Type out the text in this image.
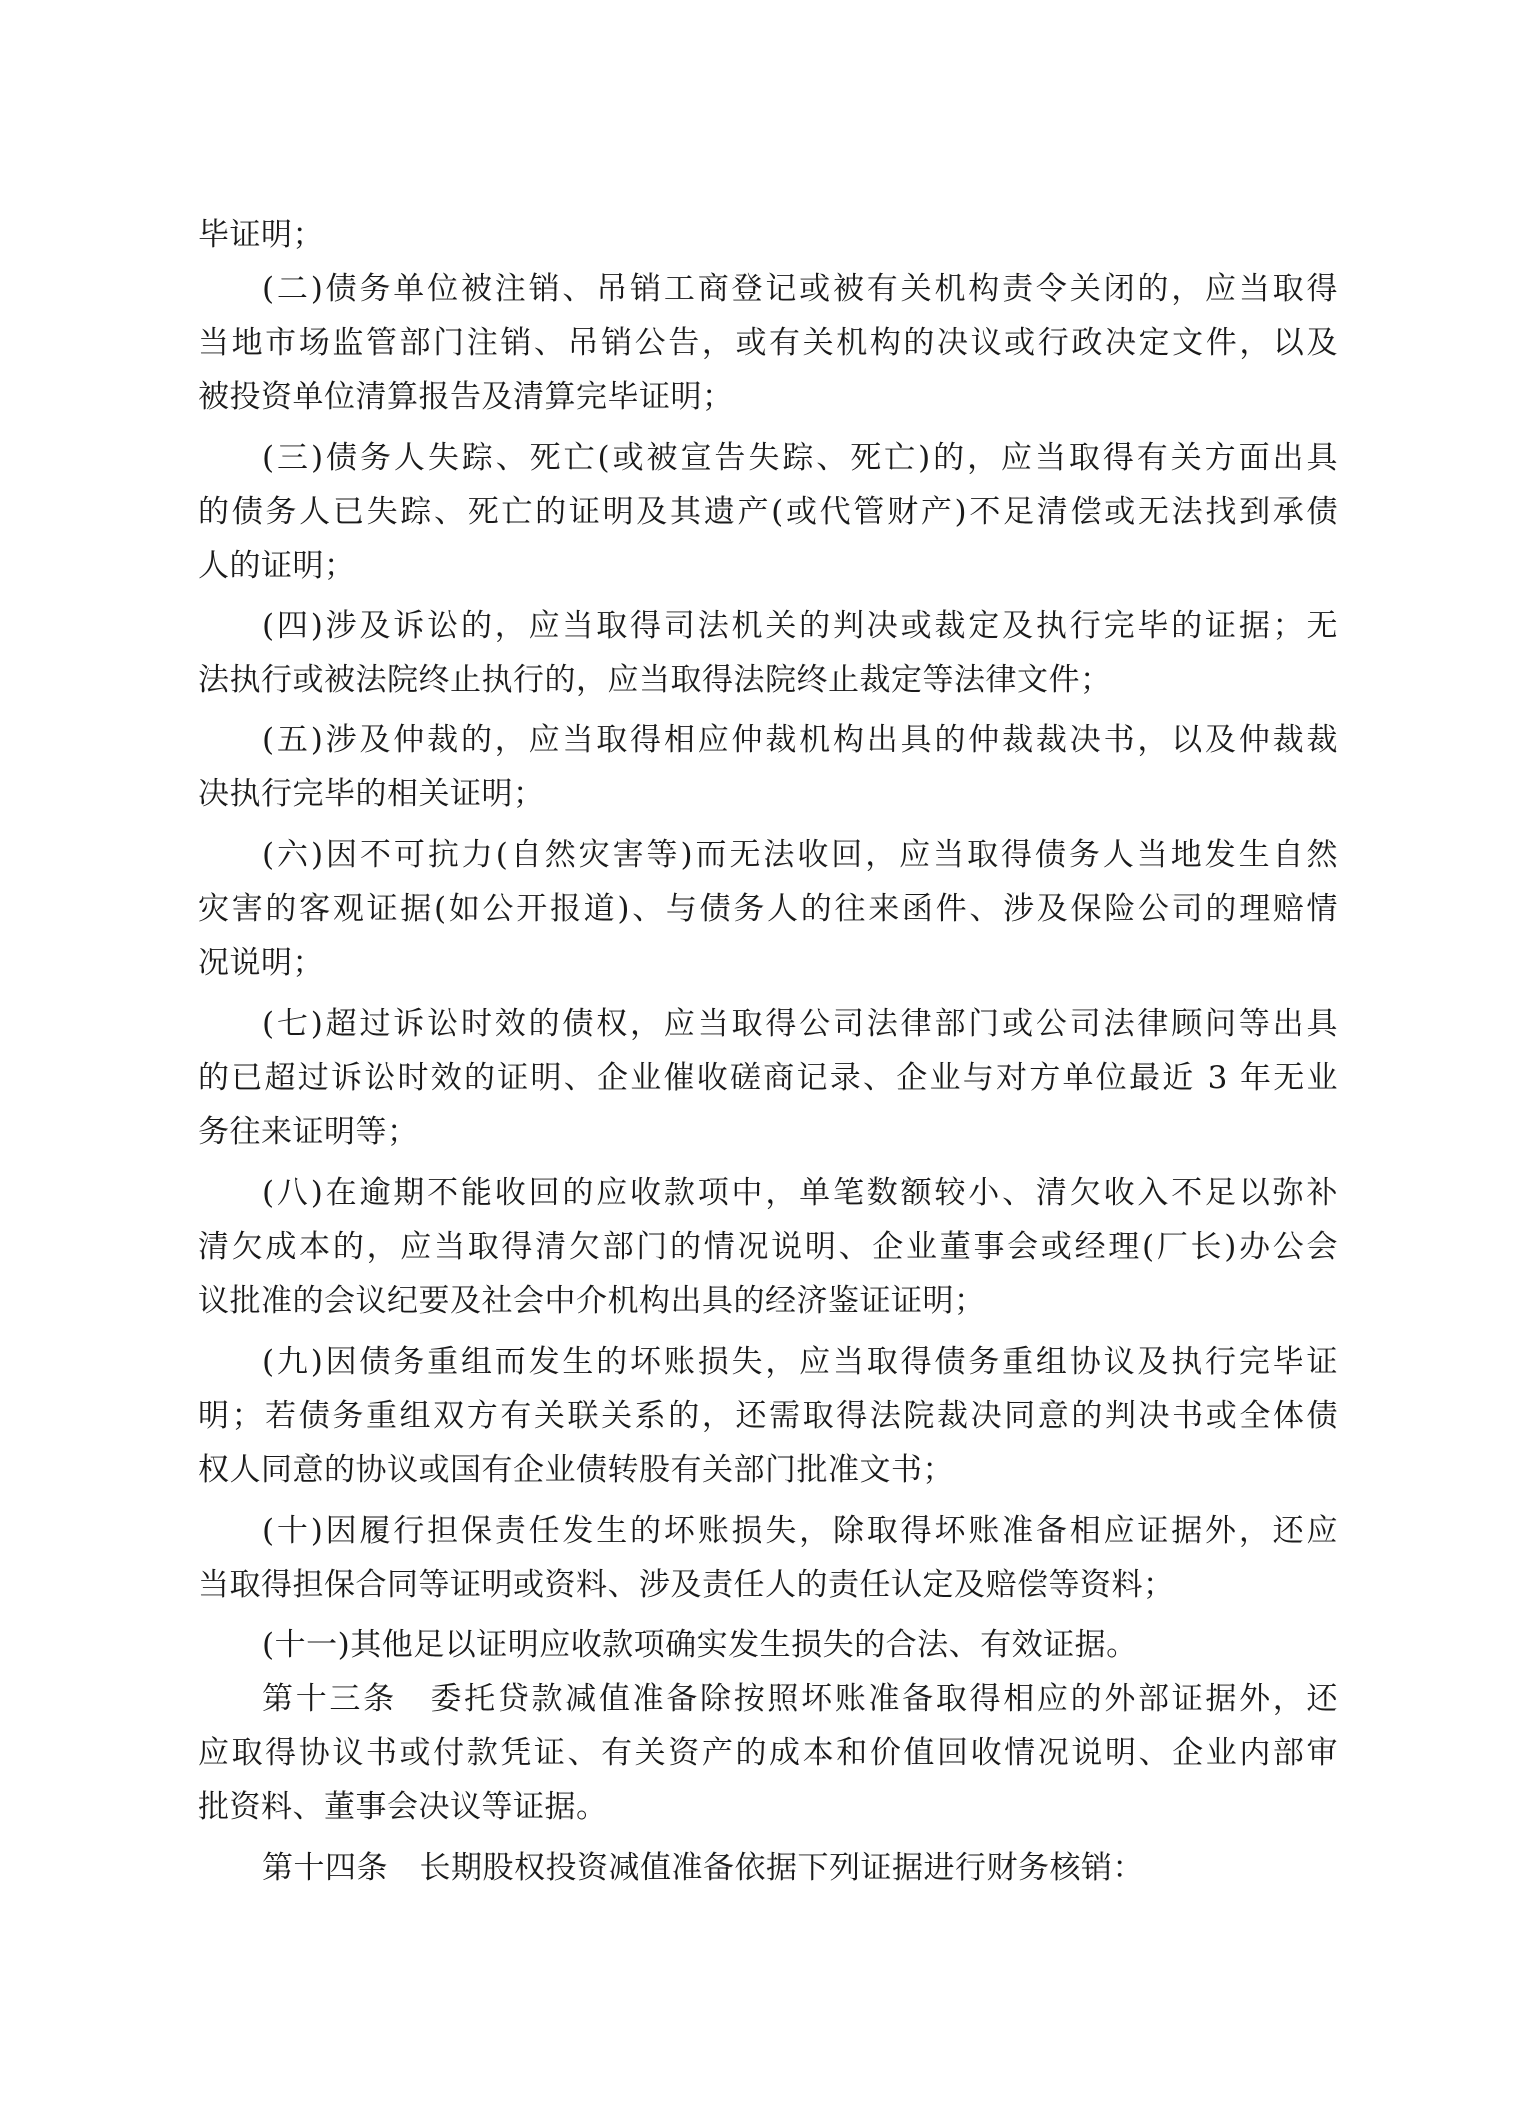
毕证明；
(二)债务单位被注销、吊销工商登记或被有关机构责令关闭的，应当取得
当地市场监管部门注销、吊销公告，或有关机构的决议或行政决定文件，以及
被投资单位清算报告及清算完毕证明；
(三)债务人失踪、死亡(或被宣告失踪、死亡)的，应当取得有关方面出具
的债务人已失踪、死亡的证明及其遗产(或代管财产)不足清偿或无法找到承债
人的证明；
(四)涉及诉讼的，应当取得司法机关的判决或裁定及执行完毕的证据；无
法执行或被法院终止执行的，应当取得法院终止裁定等法律文件；
(五)涉及仲裁的，应当取得相应仲裁机构出具的仲裁裁决书，以及仲裁裁
决执行完毕的相关证明；
(六)因不可抗力(自然灾害等)而无法收回，应当取得债务人当地发生自然
灾害的客观证据(如公开报道)、与债务人的往来函件、涉及保险公司的理赔情
况说明；
(七)超过诉讼时效的债权，应当取得公司法律部门或公司法律顾问等出具
的已超过诉讼时效的证明、企业催收磋商记录、企业与对方单位最近 3 年无业
务往来证明等；
(八)在逾期不能收回的应收款项中，单笔数额较小、清欠收入不足以弥补
清欠成本的，应当取得清欠部门的情况说明、企业董事会或经理(厂长)办公会
议批准的会议纪要及社会中介机构出具的经济鉴证证明；
(九)因债务重组而发生的坏账损失，应当取得债务重组协议及执行完毕证
明；若债务重组双方有关联关系的，还需取得法院裁决同意的判决书或全体债
权人同意的协议或国有企业债转股有关部门批准文书；
(十)因履行担保责任发生的坏账损失，除取得坏账准备相应证据外，还应
当取得担保合同等证明或资料、涉及责任人的责任认定及赔偿等资料；
(十一)其他足以证明应收款项确实发生损失的合法、有效证据。
第十三条　委托贷款减值准备除按照坏账准备取得相应的外部证据外，还
应取得协议书或付款凭证、有关资产的成本和价值回收情况说明、企业内部审
批资料、董事会决议等证据。
第十四条　长期股权投资减值准备依据下列证据进行财务核销：
